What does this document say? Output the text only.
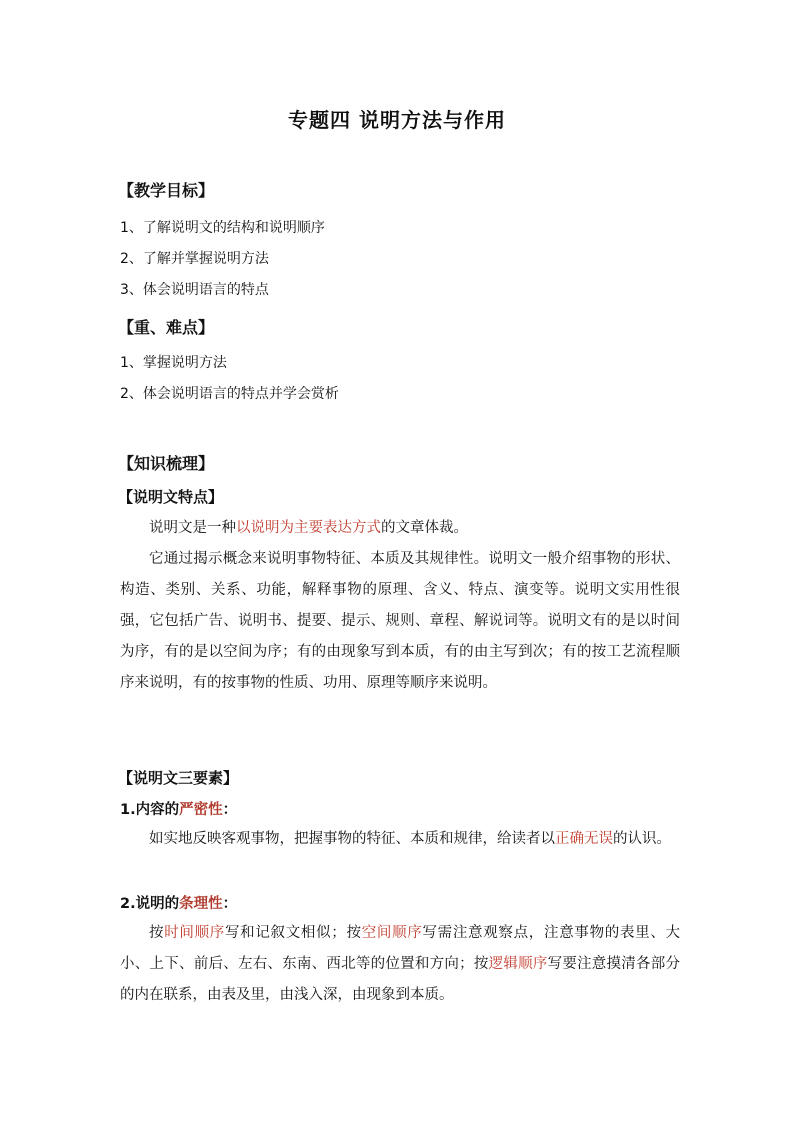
专题四 说明方法与作用
【教学目标】

1、了解说明文的结构和说明顺序

2、了解并掌握说明方法

3、体会说明语言的特点

【重、难点】

1、掌握说明方法

2、体会说明语言的特点并学会赏析

【知识梳理】
【说明文特点】

说明文是一种以说明为主要表达方式的文章体裁。

它通过揭示概念来说明事物特征、本质及其规律性。说明文一般介绍事物的形状、构造、类别、关系、功能，解释事物的原理、含义、特点、演变等。说明文实用性很强，它包括广告、说明书、提要、提示、规则、章程、解说词等。说明文有的是以时间为序，有的是以空间为序；有的由现象写到本质，有的由主写到次；有的按工艺流程顺序来说明，有的按事物的性质、功用、原理等顺序来说明。

【说明文三要素】

1.内容的严密性：

如实地反映客观事物，把握事物的特征、本质和规律，给读者以正确无误的认识。

2.说明的条理性：

按时间顺序写和记叙文相似；按空间顺序写需注意观察点，注意事物的表里、大小、上下、前后、左右、东南、西北等的位置和方向；按逻辑顺序写要注意摸清各部分的内在联系，由表及里，由浅入深，由现象到本质。
